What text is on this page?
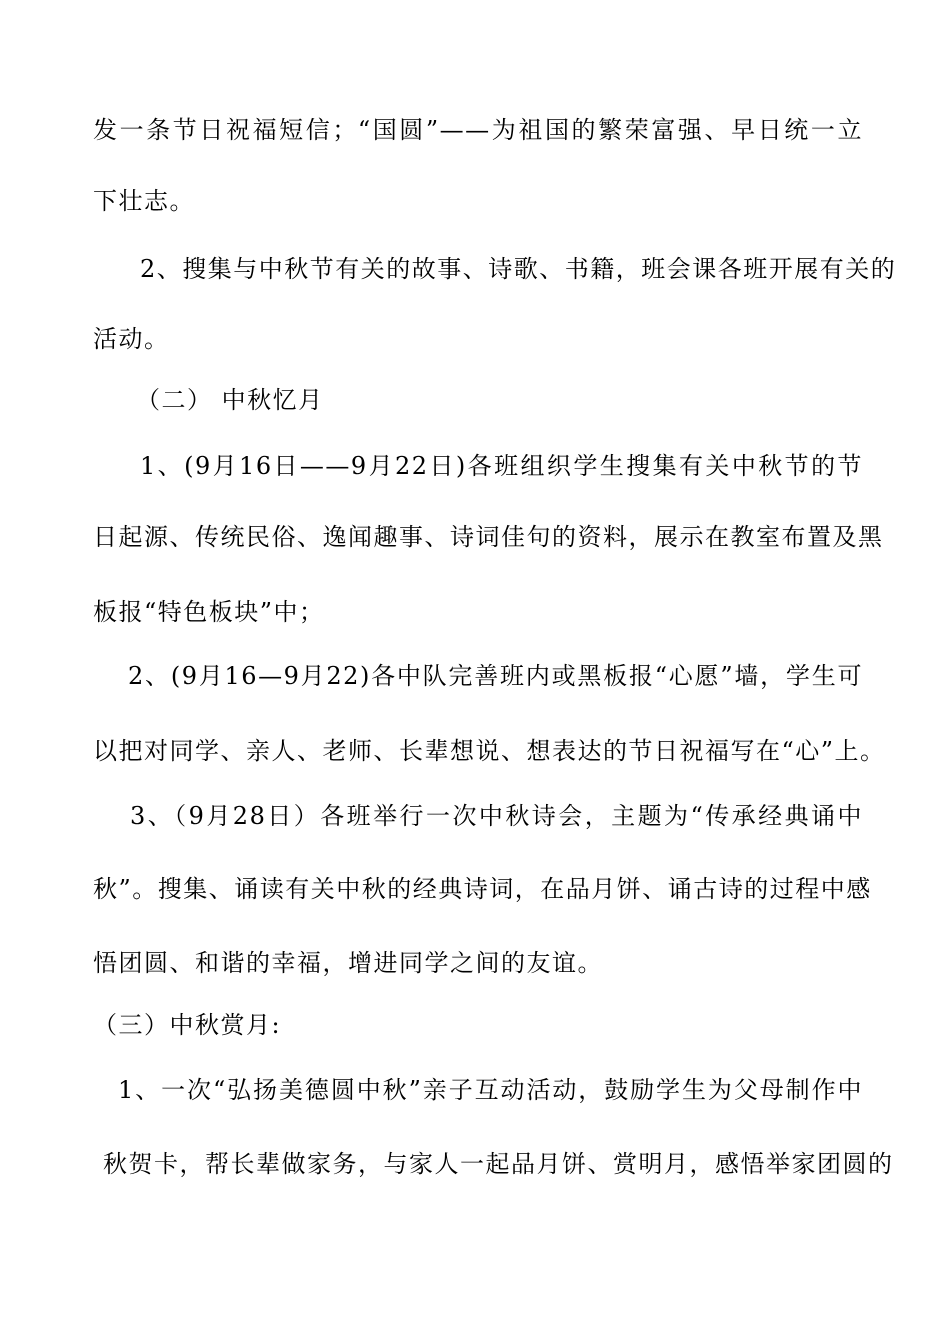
发一条节日祝福短信；“国圆”——为祖国的繁荣富强、早日统一立
下壮志。
2、搜集与中秋节有关的故事、诗歌、书籍，班会课各班开展有关的
活动。
（二） 中秋忆月
1、(9月16日——9月22日)各班组织学生搜集有关中秋节的节
日起源、传统民俗、逸闻趣事、诗词佳句的资料，展示在教室布置及黑
板报“特色板块”中；
2、(9月16—9月22)各中队完善班内或黑板报“心愿”墙，学生可
以把对同学、亲人、老师、长辈想说、想表达的节日祝福写在“心”上。
3、（9月28日）各班举行一次中秋诗会，主题为“传承经典诵中
秋”。搜集、诵读有关中秋的经典诗词，在品月饼、诵古诗的过程中感
悟团圆、和谐的幸福，增进同学之间的友谊。
（三）中秋赏月:
1、一次“弘扬美德圆中秋”亲子互动活动，鼓励学生为父母制作中
秋贺卡，帮长辈做家务，与家人一起品月饼、赏明月，感悟举家团圆的
